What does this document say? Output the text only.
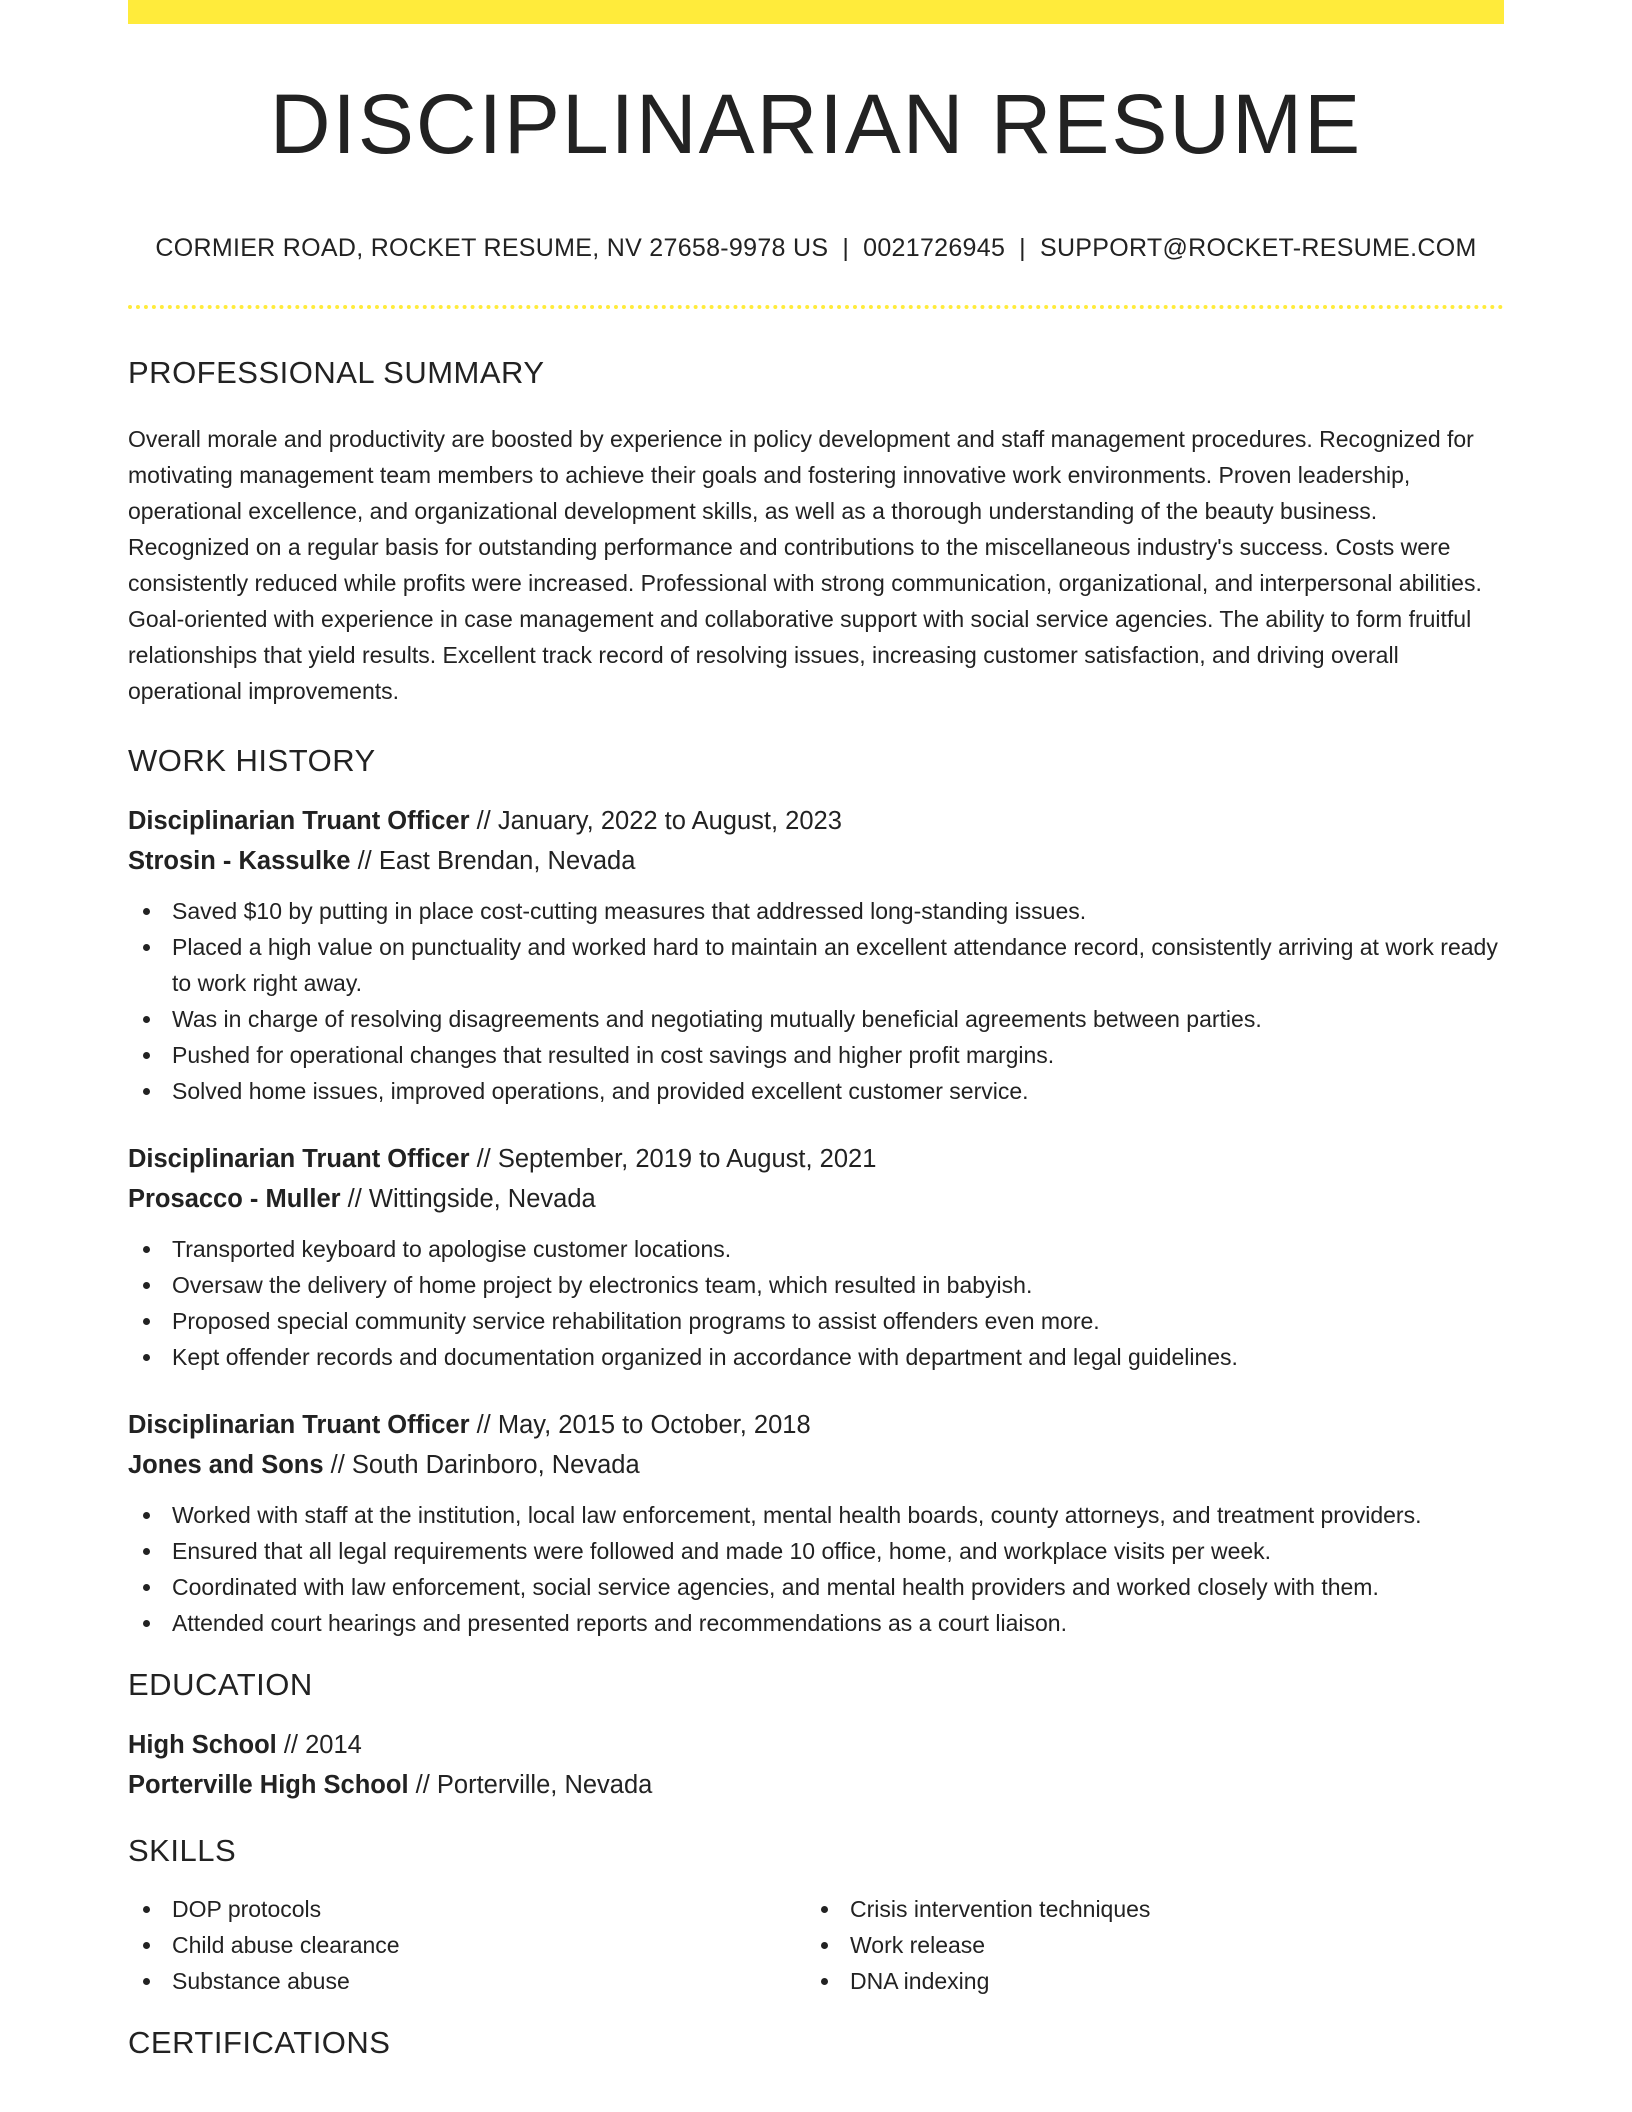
DISCIPLINARIAN RESUME
CORMIER ROAD, ROCKET RESUME, NV 27658-9978 US | 0021726945 | SUPPORT@ROCKET-RESUME.COM
PROFESSIONAL SUMMARY

Overall morale and productivity are boosted by experience in policy development and staff management procedures. Recognized for motivating management team members to achieve their goals and fostering innovative work environments. Proven leadership, operational excellence, and organizational development skills, as well as a thorough understanding of the beauty business. Recognized on a regular basis for outstanding performance and contributions to the miscellaneous industry's success. Costs were consistently reduced while profits were increased. Professional with strong communication, organizational, and interpersonal abilities. Goal-oriented with experience in case management and collaborative support with social service agencies. The ability to form fruitful relationships that yield results. Excellent track record of resolving issues, increasing customer satisfaction, and driving overall operational improvements.

WORK HISTORY
Disciplinarian Truant Officer // January, 2022 to August, 2023
Strosin - Kassulke // East Brendan, Nevada
Saved $10 by putting in place cost-cutting measures that addressed long-standing issues.
Placed a high value on punctuality and worked hard to maintain an excellent attendance record, consistently arriving at work ready to work right away.
Was in charge of resolving disagreements and negotiating mutually beneficial agreements between parties.
Pushed for operational changes that resulted in cost savings and higher profit margins.
Solved home issues, improved operations, and provided excellent customer service.
Disciplinarian Truant Officer // September, 2019 to August, 2021
Prosacco - Muller // Wittingside, Nevada
Transported keyboard to apologise customer locations.
Oversaw the delivery of home project by electronics team, which resulted in babyish.
Proposed special community service rehabilitation programs to assist offenders even more.
Kept offender records and documentation organized in accordance with department and legal guidelines.
Disciplinarian Truant Officer // May, 2015 to October, 2018
Jones and Sons // South Darinboro, Nevada
Worked with staff at the institution, local law enforcement, mental health boards, county attorneys, and treatment providers.
Ensured that all legal requirements were followed and made 10 office, home, and workplace visits per week.
Coordinated with law enforcement, social service agencies, and mental health providers and worked closely with them.
Attended court hearings and presented reports and recommendations as a court liaison.
EDUCATION
High School // 2014
Porterville High School // Porterville, Nevada
SKILLS
DOP protocols
Child abuse clearance
Substance abuse
Crisis intervention techniques
Work release
DNA indexing
CERTIFICATIONS
